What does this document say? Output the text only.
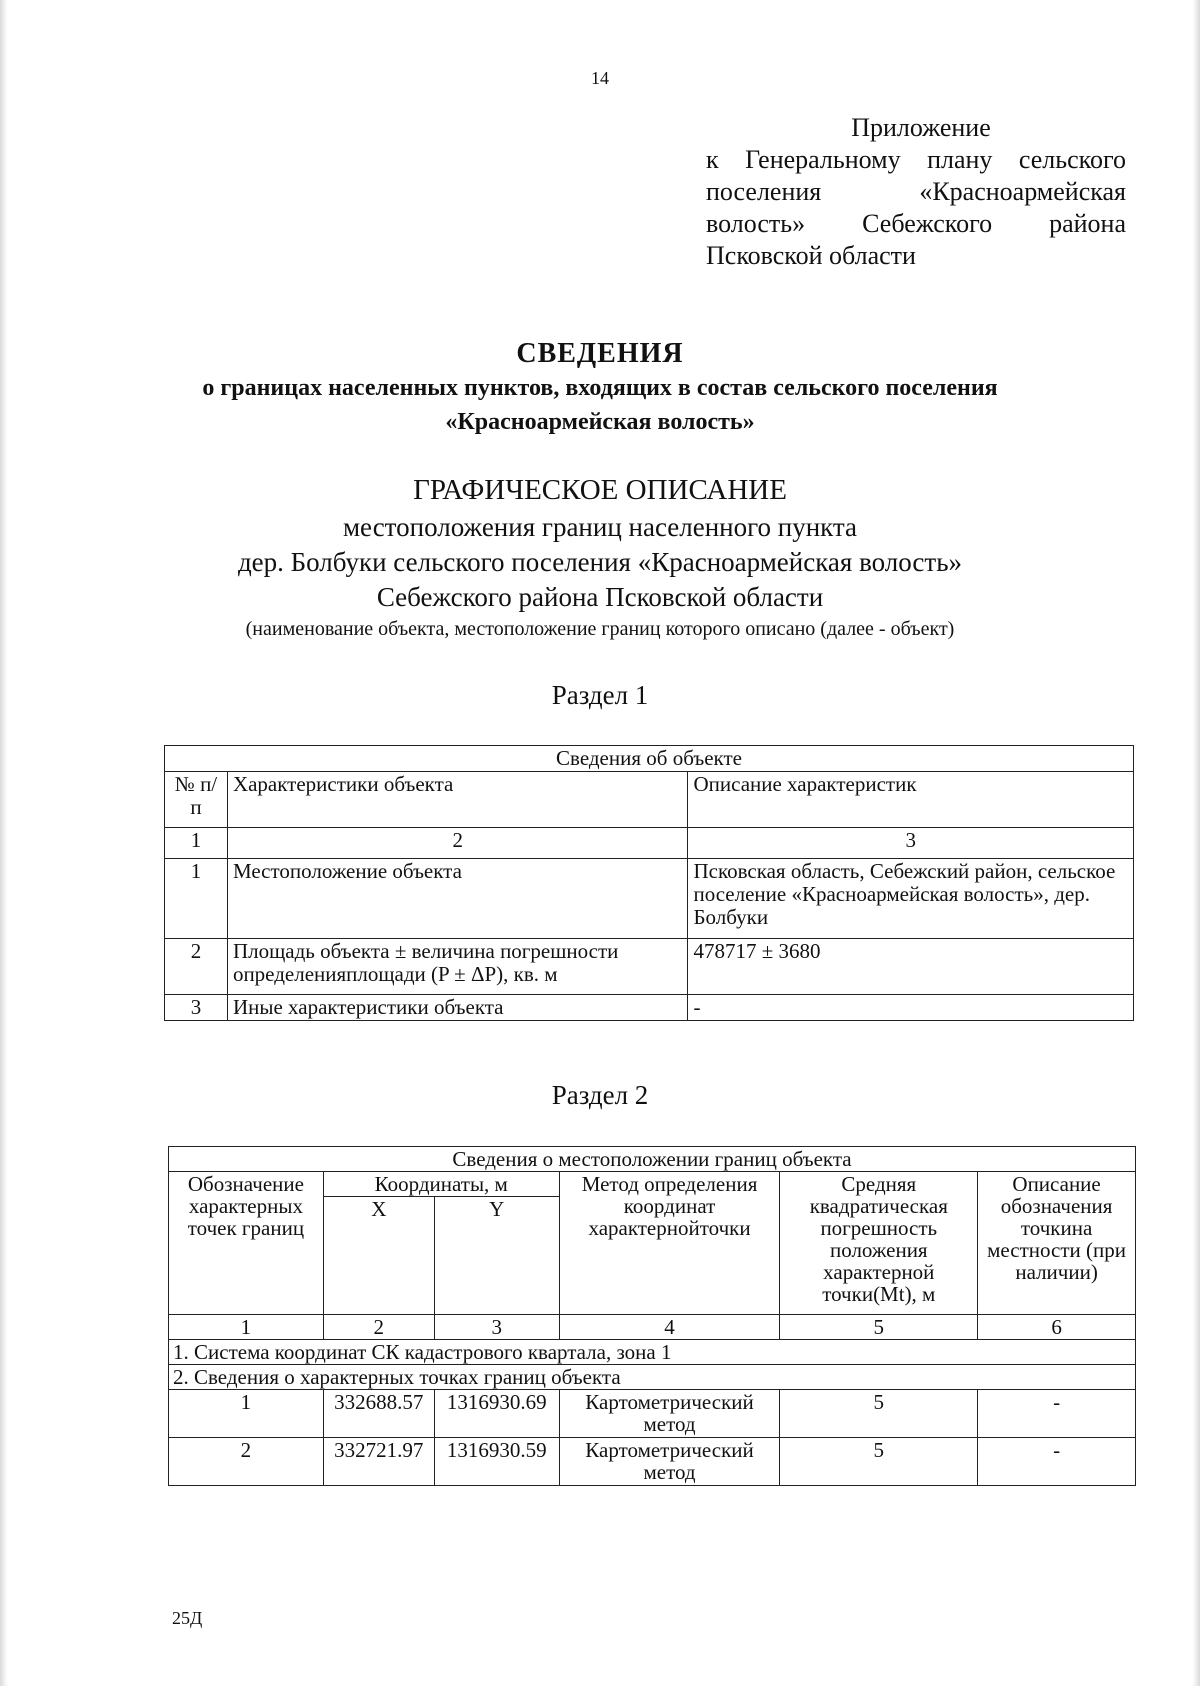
14
Приложение
к Генеральному плану сельского
поселения «Красноармейская
волость» Себежского района
Псковской области
СВЕДЕНИЯ
о границах населенных пунктов, входящих в состав сельского поселения
«Красноармейская волость»
ГРАФИЧЕСКОЕ ОПИСАНИЕ
местоположения границ населенного пункта
дер. Болбуки сельского поселения «Красноармейская волость»
Себежского района Псковской области
(наименование объекта, местоположение границ которого описано (далее - объект)
Раздел 1
Сведения об объекте		
№ п/п	Характеристики объекта	Описание характеристик
1	2	3
1	Местоположение объекта	Псковская область, Себежский район, сельское поселение «Красноармейская волость», дер. Болбуки
2	Площадь объекта ± величина погрешности определенияплощади (P ± ΔP), кв. м	478717 ± 3680
3	Иные характеристики объекта	-
Раздел 2
Сведения о местоположении границ объекта					
Обозначение характерных точек границ	Координаты, м		Метод определения координат характернойточки	Средняя квадратическая погрешность положения характерной точки(Mt), м	Описание обозначения точкина местности (при наличии)
	X	Y			
1	2	3	4	5	6
1. Система координат СК кадастрового квартала, зона 1					
2. Сведения о характерных точках границ объекта					
1	332688.57	1316930.69	Картометрический метод	5	-
2	332721.97	1316930.59	Картометрический метод	5	-
25Д
